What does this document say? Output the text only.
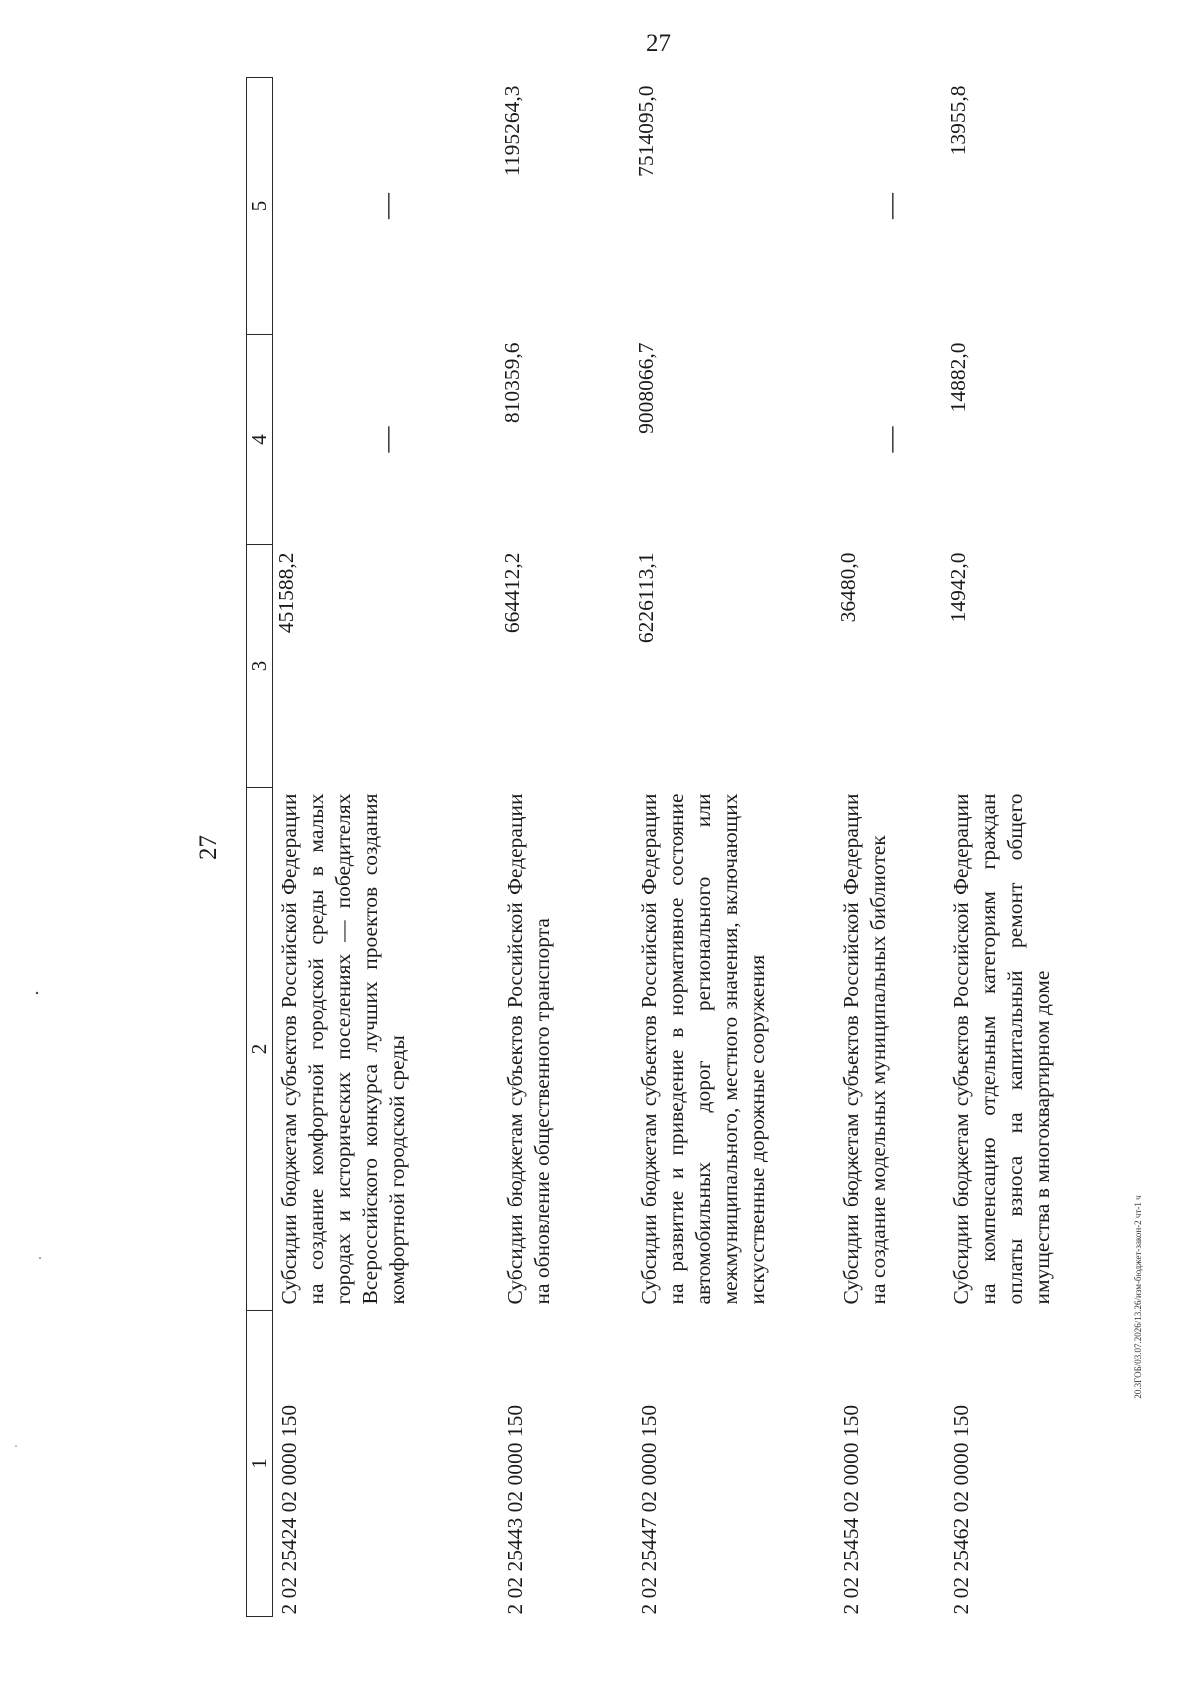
27
20.3ГОБ/03.07.2026/13.26/изм-бюджет-закон-2 чт-1 ч
27
1	2	3	4	5
2 02 25424 02 0000 150	Субсидии бюджетам субъектов Российской Федерации на создание комфортной городской среды в малых городах и исторических поселениях — победителях Всероссийского конкурса лучших проектов создания комфортной городской среды	451588,2	—	—
2 02 25443 02 0000 150	Субсидии бюджетам субъектов Российской Федерации на обновление общественного транспорта	664412,2	810359,6	1195264,3
2 02 25447 02 0000 150	Субсидии бюджетам субъектов Российской Федерации на развитие и приведение в нормативное состояние автомобильных дорог регионального или межмуниципального, местного значения, включающих искусственные дорожные сооружения	6226113,1	9008066,7	7514095,0
2 02 25454 02 0000 150	Субсидии бюджетам субъектов Российской Федерации на создание модельных муниципальных библиотек	36480,0	—	—
2 02 25462 02 0000 150	Субсидии бюджетам субъектов Российской Федерации на компенсацию отдельным категориям граждан оплаты взноса на капитальный ремонт общего имущества в многоквартирном доме	14942,0	14882,0	13955,8
